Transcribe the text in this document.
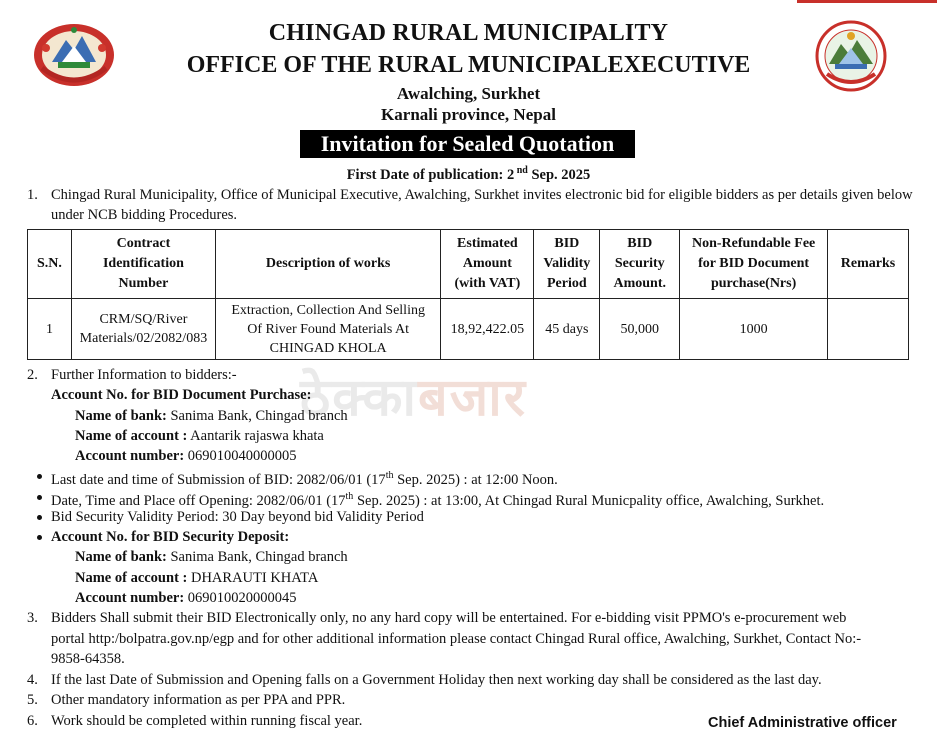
CHINGAD RURAL MUNICIPALITY
OFFICE OF THE RURAL MUNICIPALEXECUTIVE
Awalching, Surkhet
Karnali province, Nepal
Invitation for Sealed Quotation
First Date of publication: 2 $^{nd}$ Sep. 2025
ठेक्काबजार
1. Chingad Rural Municipality, Office of Municipal Executive, Awalching, Surkhet invites electronic bid for eligible bidders as per details given below
under NCB bidding Procedures.
S.N.	Contract
Identification
Number	Description of works	Estimated
Amount
(with VAT)	BID
Validity
Period	BID
Security
Amount.	Non-Refundable Fee
for BID Document
purchase(Nrs)	Remarks
1	CRM/SQ/River
Materials/02/2082/083	Extraction, Collection And Selling
Of River Found Materials At
CHINGAD KHOLA	18,92,422.05	45 days	50,000	1000	
2. Further Information to bidders:-
Account No. for BID Document Purchase:
Name of bank: Sanima Bank, Chingad branch
Name of account : Aantarik rajaswa khata
Account number: 069010040000005
Last date and time of Submission of BID: 2082/06/01 (17th Sep. 2025) : at 12:00 Noon.
Date, Time and Place off Opening: 2082/06/01 (17th Sep. 2025) : at 13:00, At Chingad Rural Municpality office, Awalching, Surkhet.
Bid Security Validity Period: 30 Day beyond bid Validity Period
Account No. for BID Security Deposit:
Name of bank: Sanima Bank, Chingad branch
Name of account : DHARAUTI KHATA
Account number: 069010020000045
3. Bidders Shall submit their BID Electronically only, no any hard copy will be entertained. For e-bidding visit PPMO's e-procurement web
portal http:/bolpatra.gov.np/egp and for other additional information please contact Chingad Rural office, Awalching, Surkhet, Contact No:-
9858-64358.
4. If the last Date of Submission and Opening falls on a Government Holiday then next working day shall be considered as the last day.
5. Other mandatory information as per PPA and PPR.
6. Work should be completed within running fiscal year.	Chief Administrative officer
